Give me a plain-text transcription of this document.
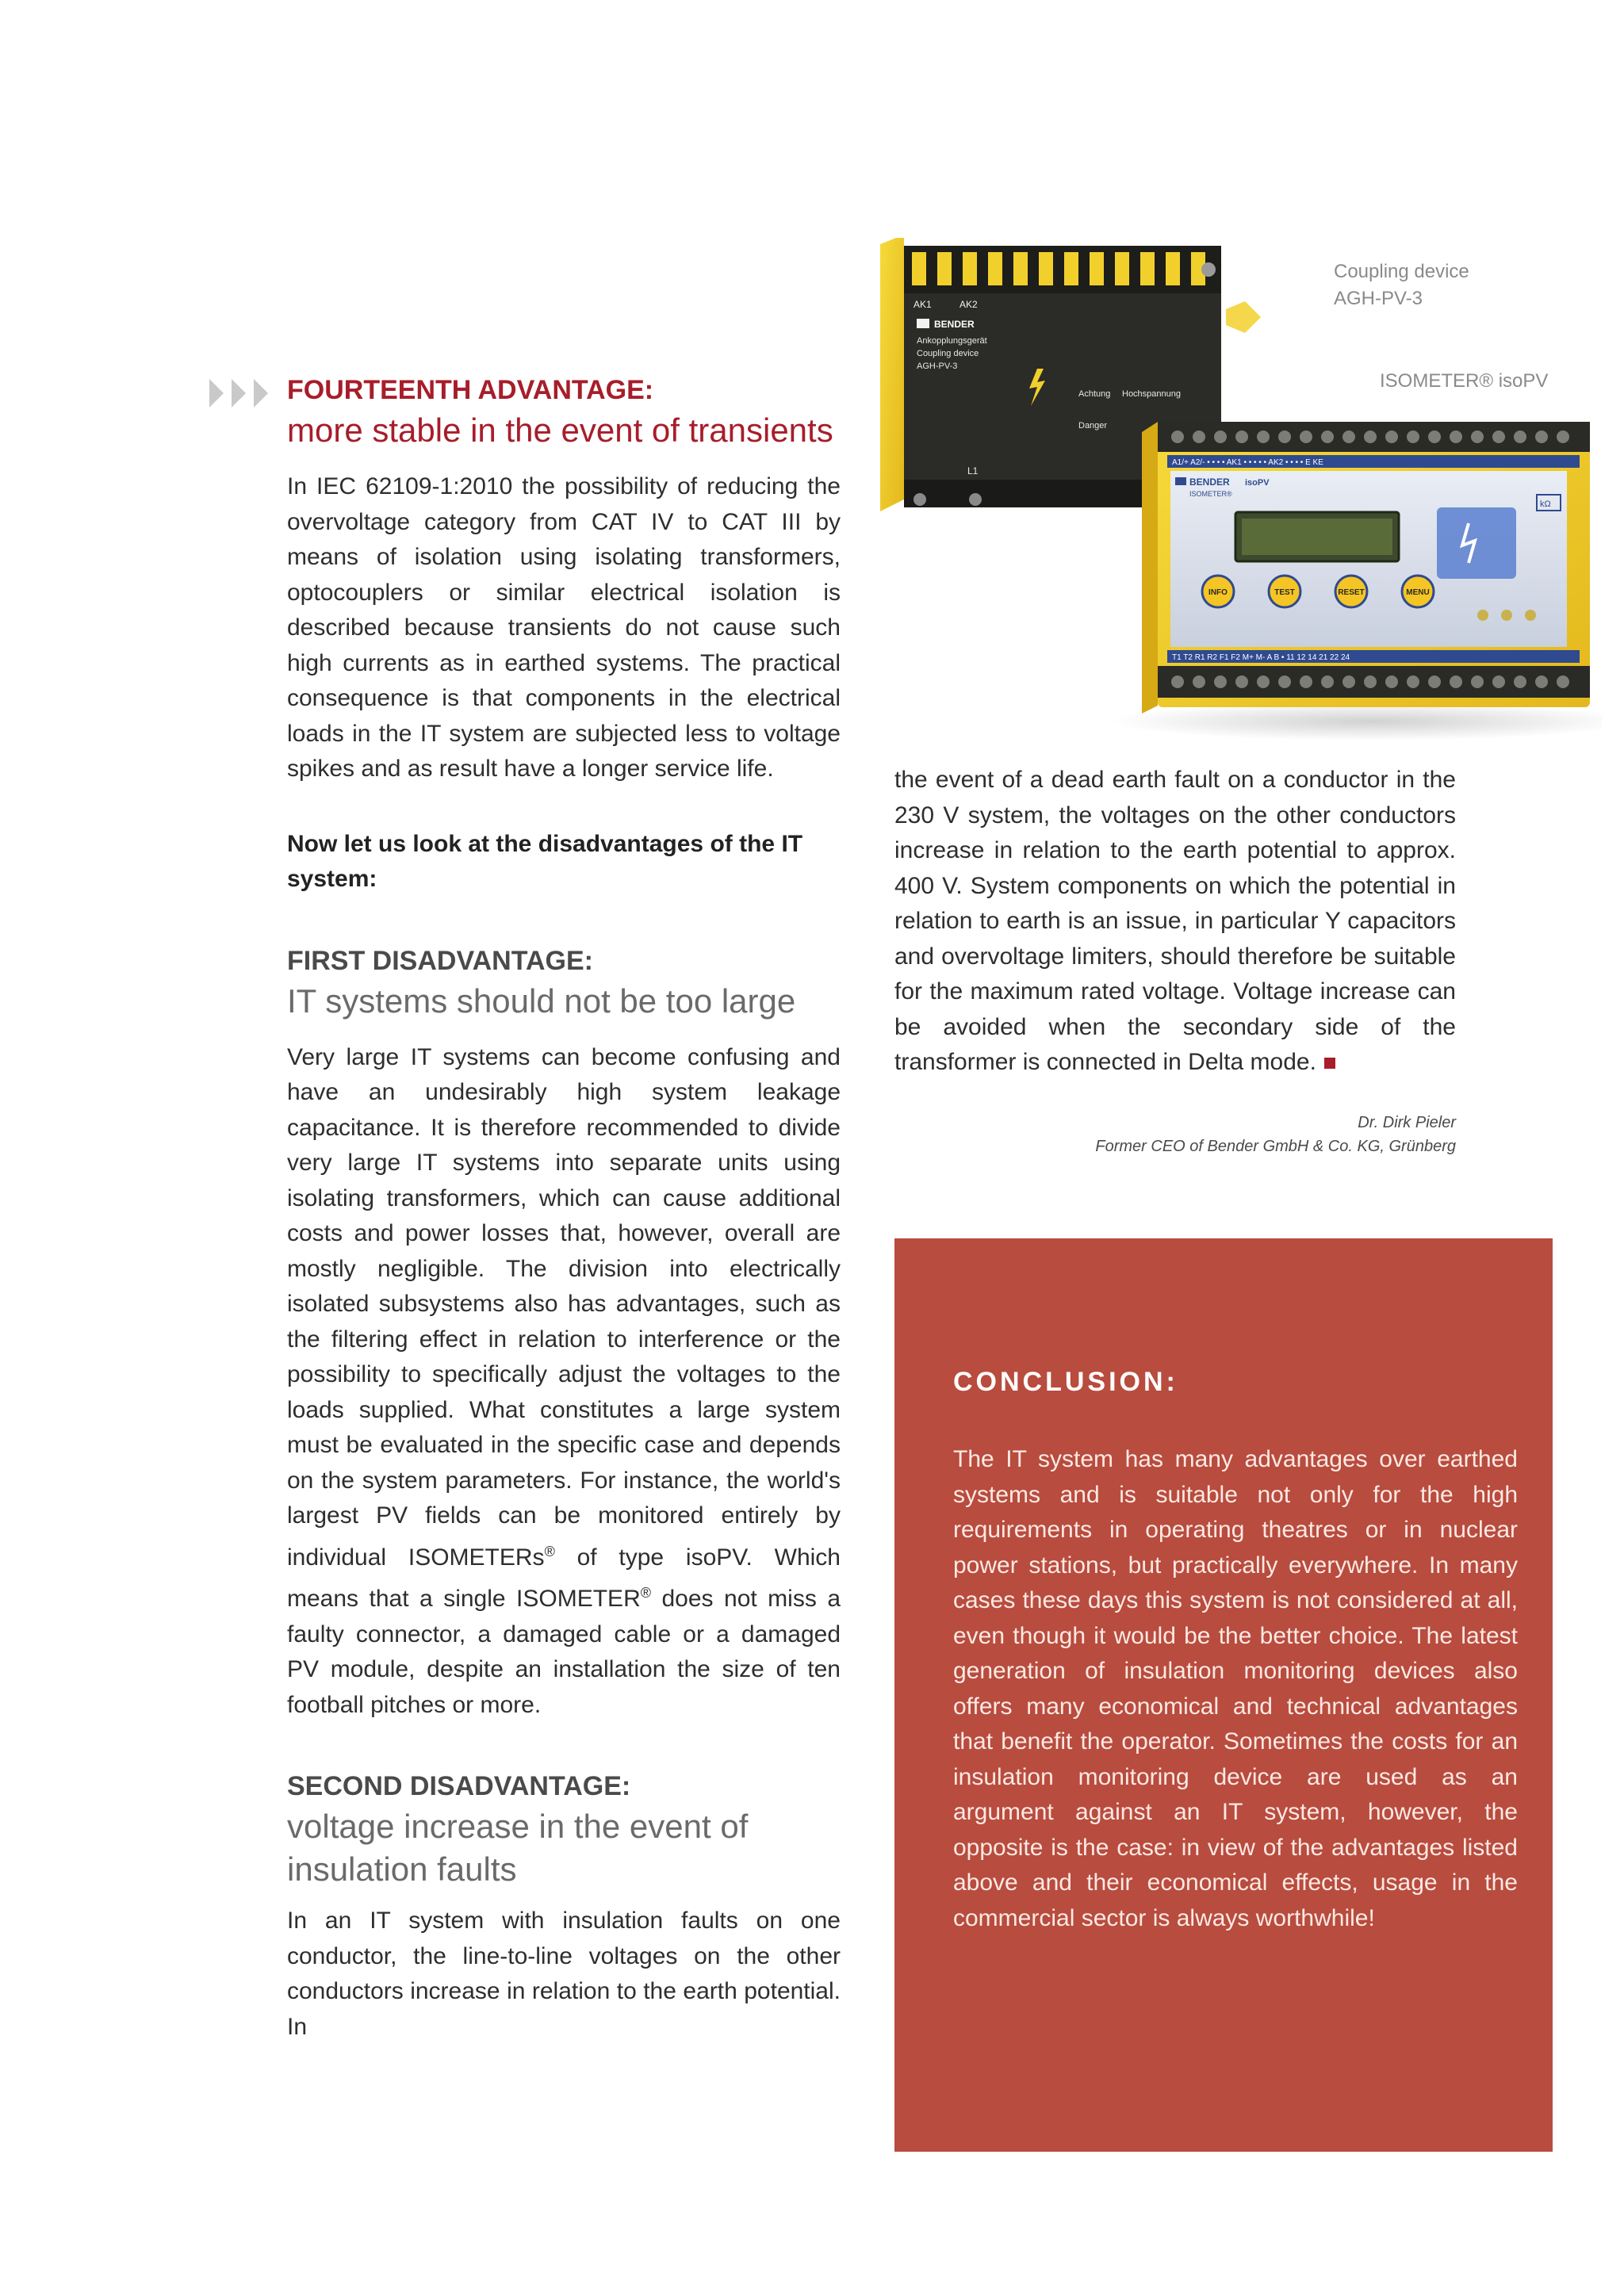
FOURTEENTH ADVANTAGE:
more stable in the event of transients

In IEC 62109-1:2010 the possibility of reducing the overvoltage category from CAT IV to CAT III by means of isolation using isolating transformers, optocouplers or similar electrical isolation is described because transients do not cause such high currents as in earthed systems. The practical consequence is that components in the electrical loads in the IT system are subjected less to voltage spikes and as result have a longer service life.

Now let us look at the disadvantages of the IT system:

FIRST DISADVANTAGE:
IT systems should not be too large

Very large IT systems can become confusing and have an undesirably high system leakage capacitance. It is therefore recommended to divide very large IT systems into separate units using isolating transformers, which can cause additional costs and power losses that, however, overall are mostly negligible. The division into electrically isolated subsystems also has advantages, such as the filtering effect in relation to interference or the possibility to specifically adjust the voltages to the loads supplied. What constitutes a large system must be evaluated in the specific case and depends on the system parameters. For instance, the world's largest PV fields can be monitored entirely by individual ISOMETERs® of type isoPV. Which means that a single ISOMETER® does not miss a faulty connector, a damaged cable or a damaged PV module, despite an installation the size of ten football pitches or more.

SECOND DISADVANTAGE:
voltage increase in the event of
insulation faults

In an IT system with insulation faults on one conductor, the line-to-line voltages on the other conductors increase in relation to the earth potential. In

AK1	AK2
BENDER
Ankopplungsgerät
Coupling device
AGH-PV-3
Achtung Hochspannung
Danger
L1
A1/+ A2/- • • • • AK1 • • • • • AK2 • • • • E KE
BENDER isoPV
ISOMETER®
kΩ
INFO	TEST	RESET	MENU
T1 T2 R1 R2 F1 F2 M+ M- A B • 11 12 14 21 22 24
Coupling device
AGH-PV-3
ISOMETER® isoPV

the event of a dead earth fault on a conductor in the 230 V system, the voltages on the other conductors increase in relation to the earth potential to approx. 400 V. System components on which the potential in relation to earth is an issue, in particular Y capacitors and overvoltage limiters, should therefore be suitable for the maximum rated voltage. Voltage increase can be avoided when the secondary side of the transformer is connected in Delta mode.

Dr. Dirk Pieler
Former CEO of Bender GmbH & Co. KG, Grünberg
CONCLUSION:

The IT system has many advantages over earthed systems and is suitable not only for the high requirements in operating theatres or in nuclear power stations, but practically everywhere. In many cases these days this system is not considered at all, even though it would be the better choice. The latest generation of insulation monitoring devices also offers many economical and technical advantages that benefit the operator. Sometimes the costs for an insulation monitoring device are used as an argument against an IT system, however, the opposite is the case: in view of the advantages listed above and their economical effects, usage in the commercial sector is always worthwhile!
